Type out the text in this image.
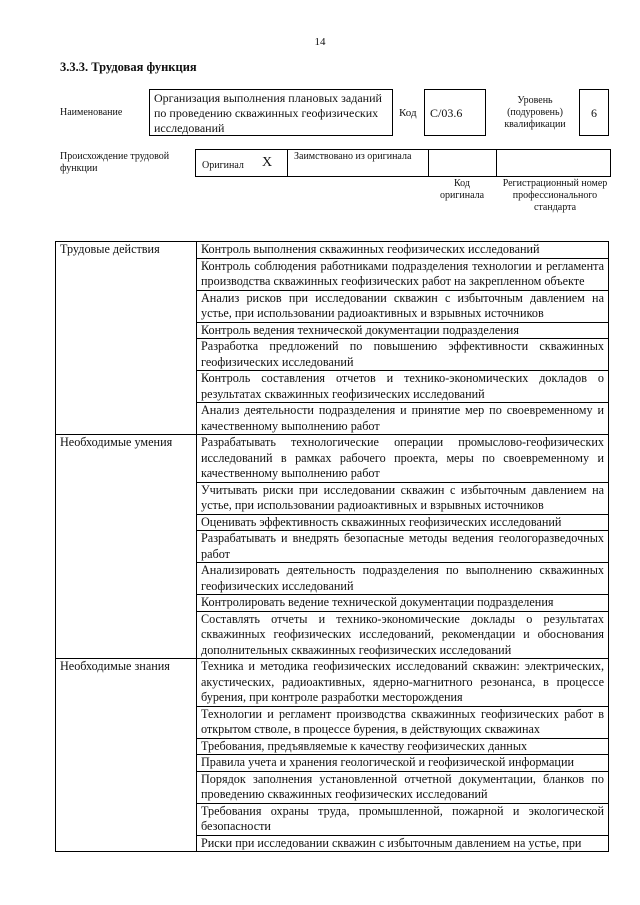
14
3.3.3. Трудовая функция
Наименование
Организация выполнения плановых заданий по проведению скважинных геофизических исследований
Код	С/03.6
Уровень (подуровень) квалификации
6
Происхождение трудовой функции	Оригинал X Заимствовано из оригинала
Код оригинала
Регистрационный номер профессионального стандарта
Трудовые действия	Контроль выполнения скважинных геофизических исследований
	Контроль соблюдения работниками подразделения технологии и регламента производства скважинных геофизических работ на закрепленном объекте
	Анализ рисков при исследовании скважин с избыточным давлением на устье, при использовании радиоактивных и взрывных источников
	Контроль ведения технической документации подразделения
	Разработка предложений по повышению эффективности скважинных геофизических исследований
	Контроль составления отчетов и технико-экономических докладов о результатах скважинных геофизических исследований
	Анализ деятельности подразделения и принятие мер по своевременному и качественному выполнению работ
Необходимые умения	Разрабатывать технологические операции промыслово-геофизических исследований в рамках рабочего проекта, меры по своевременному и качественному выполнению работ
	Учитывать риски при исследовании скважин с избыточным давлением на устье, при использовании радиоактивных и взрывных источников
	Оценивать эффективность скважинных геофизических исследований
	Разрабатывать и внедрять безопасные методы ведения геологоразведочных работ
	Анализировать деятельность подразделения по выполнению скважинных геофизических исследований
	Контролировать ведение технической документации подразделения
	Составлять отчеты и технико-экономические доклады о результатах скважинных геофизических исследований, рекомендации и обоснования дополнительных скважинных геофизических исследований
Необходимые знания	Техника и методика геофизических исследований скважин: электрических, акустических, радиоактивных, ядерно-магнитного резонанса, в процессе бурения, при контроле разработки месторождения
	Технологии и регламент производства скважинных геофизических работ в открытом стволе, в процессе бурения, в действующих скважинах
	Требования, предъявляемые к качеству геофизических данных
	Правила учета и хранения геологической и геофизической информации
	Порядок заполнения установленной отчетной документации, бланков по проведению скважинных геофизических исследований
	Требования охраны труда, промышленной, пожарной и экологической безопасности
	Риски при исследовании скважин с избыточным давлением на устье, при
